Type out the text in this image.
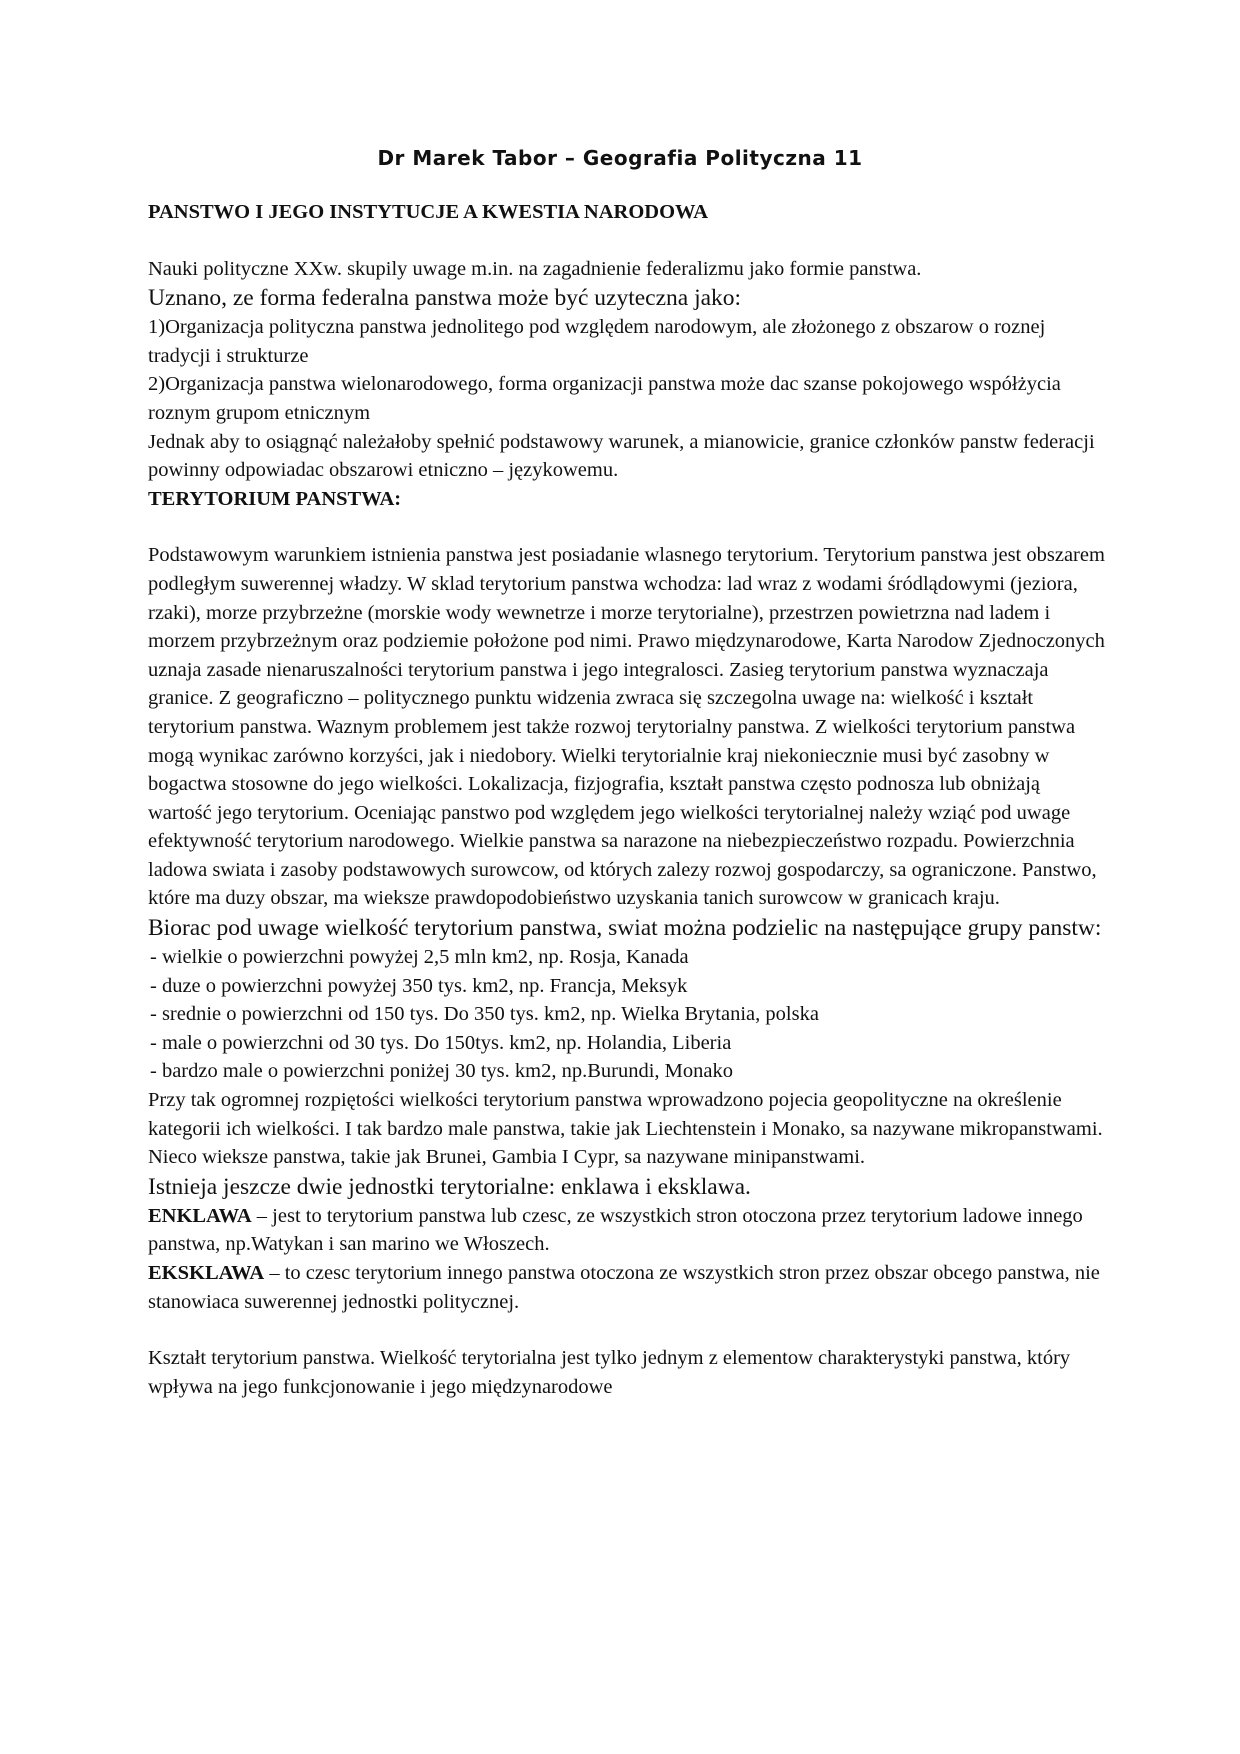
Dr Marek Tabor – Geografia Polityczna 11

PANSTWO I JEGO INSTYTUCJE A KWESTIA NARODOWA

Nauki polityczne XXw. skupily uwage m.in. na zagadnienie federalizmu jako formie panstwa.

Uznano, ze forma federalna panstwa może być uzyteczna jako:

1)Organizacja polityczna panstwa jednolitego pod względem narodowym, ale złożonego z obszarow o roznej tradycji i strukturze

2)Organizacja panstwa wielonarodowego, forma organizacji panstwa może dac szanse pokojowego współżycia roznym grupom etnicznym

Jednak aby to osiągnąć należałoby spełnić podstawowy warunek, a mianowicie, granice członków panstw federacji powinny odpowiadac obszarowi etniczno – językowemu.

TERYTORIUM PANSTWA:

Podstawowym warunkiem istnienia panstwa jest posiadanie wlasnego terytorium. Terytorium panstwa jest obszarem podległym suwerennej władzy. W sklad terytorium panstwa wchodza: lad wraz z wodami śródlądowymi (jeziora, rzaki), morze przybrzeżne (morskie wody wewnetrze i morze terytorialne), przestrzen powietrzna nad ladem i morzem przybrzeżnym oraz podziemie położone pod nimi. Prawo międzynarodowe, Karta Narodow Zjednoczonych uznaja zasade nienaruszalności terytorium panstwa i jego integralosci. Zasieg terytorium panstwa wyznaczaja granice. Z geograficzno – politycznego punktu widzenia zwraca się szczegolna uwage na: wielkość i kształt terytorium panstwa. Waznym problemem jest także rozwoj terytorialny panstwa. Z wielkości terytorium panstwa mogą wynikac zarówno korzyści, jak i niedobory. Wielki terytorialnie kraj niekoniecznie musi być zasobny w bogactwa stosowne do jego wielkości. Lokalizacja, fizjografia, kształt panstwa często podnosza lub obniżają wartość jego terytorium. Oceniając panstwo pod względem jego wielkości terytorialnej należy wziąć pod uwage efektywność terytorium narodowego. Wielkie panstwa sa narazone na niebezpieczeństwo rozpadu. Powierzchnia ladowa swiata i zasoby podstawowych surowcow, od których zalezy rozwoj gospodarczy, sa ograniczone. Panstwo, które ma duzy obszar, ma wieksze prawdopodobieństwo uzyskania tanich surowcow w granicach kraju.

Biorac pod uwage wielkość terytorium panstwa, swiat można podzielic na następujące grupy panstw:

- wielkie o powierzchni powyżej 2,5 mln km2, np. Rosja, Kanada
- duze o powierzchni powyżej 350 tys. km2, np. Francja, Meksyk
- srednie o powierzchni od 150 tys. Do 350 tys. km2, np. Wielka Brytania, polska
- male o powierzchni od 30 tys. Do 150tys. km2, np. Holandia, Liberia
- bardzo male o powierzchni poniżej 30 tys. km2, np.Burundi, Monako

Przy tak ogromnej rozpiętości wielkości terytorium panstwa wprowadzono pojecia geopolityczne na określenie kategorii ich wielkości. I tak bardzo male panstwa, takie jak Liechtenstein i Monako, sa nazywane mikropanstwami. Nieco wieksze panstwa, takie jak Brunei, Gambia I Cypr, sa nazywane minipanstwami.

Istnieja jeszcze dwie jednostki terytorialne: enklawa i eksklawa.

ENKLAWA – jest to terytorium panstwa lub czesc, ze wszystkich stron otoczona przez terytorium ladowe innego panstwa, np.Watykan i san marino we Włoszech.

EKSKLAWA – to czesc terytorium innego panstwa otoczona ze wszystkich stron przez obszar obcego panstwa, nie stanowiaca suwerennej jednostki politycznej.

Kształt terytorium panstwa. Wielkość terytorialna jest tylko jednym z elementow charakterystyki panstwa, który wpływa na jego funkcjonowanie i jego międzynarodowe
